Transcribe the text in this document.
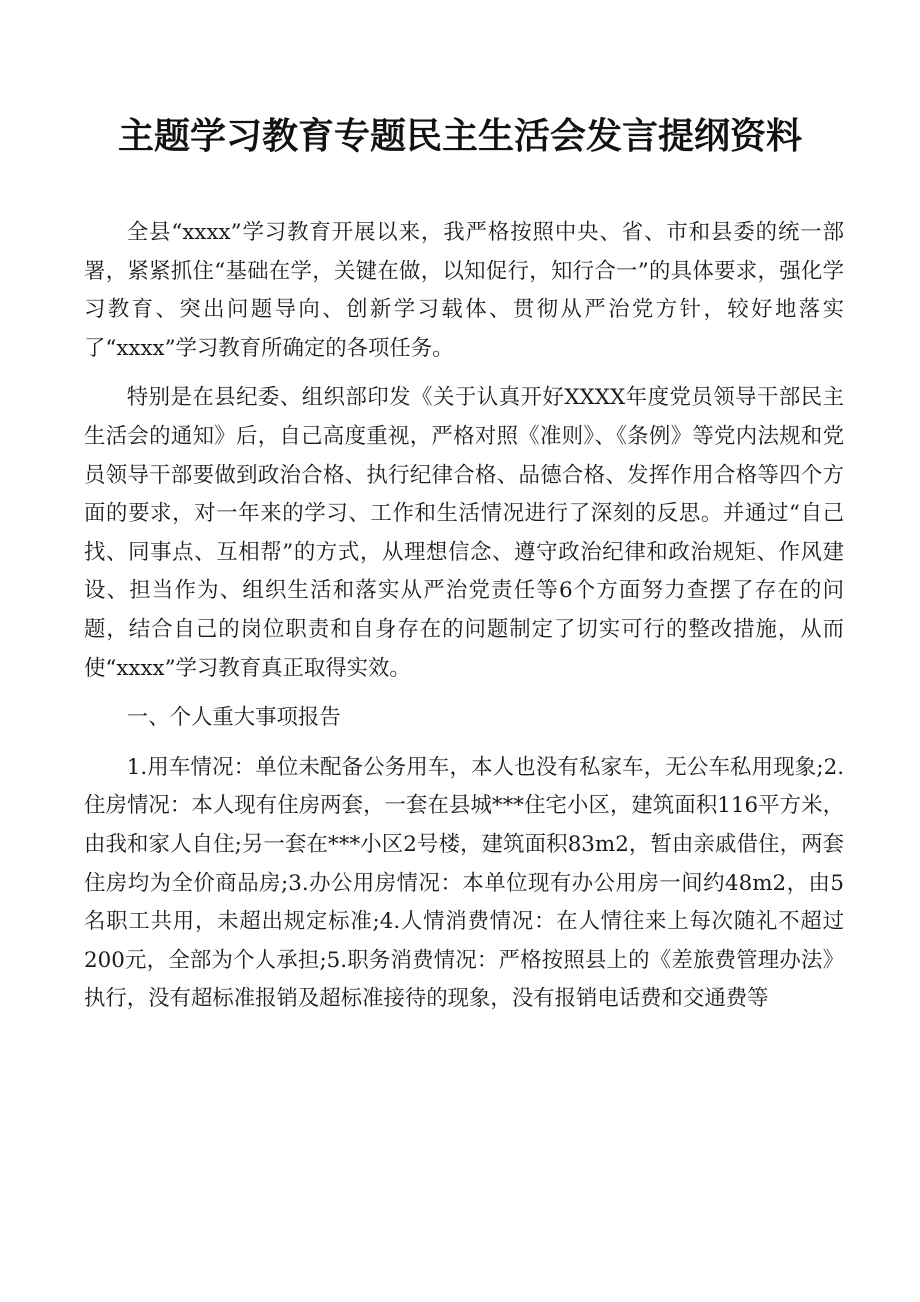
主题学习教育专题民主生活会发言提纲资料

全县“xxxx”学习教育开展以来，我严格按照中央、省、市和县委的统一部署，紧紧抓住“基础在学，关键在做，以知促行，知行合一”的具体要求，强化学习教育、突出问题导向、创新学习载体、贯彻从严治党方针，较好地落实了“xxxx”学习教育所确定的各项任务。

特别是在县纪委、组织部印发《关于认真开好XXXX年度党员领导干部民主生活会的通知》后，自己高度重视，严格对照《准则》、《条例》等党内法规和党员领导干部要做到政治合格、执行纪律合格、品德合格、发挥作用合格等四个方面的要求，对一年来的学习、工作和生活情况进行了深刻的反思。并通过“自己找、同事点、互相帮”的方式，从理想信念、遵守政治纪律和政治规矩、作风建设、担当作为、组织生活和落实从严治党责任等6个方面努力查摆了存在的问题，结合自己的岗位职责和自身存在的问题制定了切实可行的整改措施，从而使“xxxx”学习教育真正取得实效。

一、个人重大事项报告

1.用车情况：单位未配备公务用车，本人也没有私家车，无公车私用现象;2.住房情况：本人现有住房两套，一套在县城***住宅小区，建筑面积116平方米，由我和家人自住;另一套在***小区2号楼，建筑面积83m2，暂由亲戚借住，两套住房均为全价商品房;3.办公用房情况：本单位现有办公用房一间约48m2，由5名职工共用，未超出规定标准;4.人情消费情况：在人情往来上每次随礼不超过200元，全部为个人承担;5.职务消费情况：严格按照县上的《差旅费管理办法》执行，没有超标准报销及超标准接待的现象，没有报销电话费和交通费等
